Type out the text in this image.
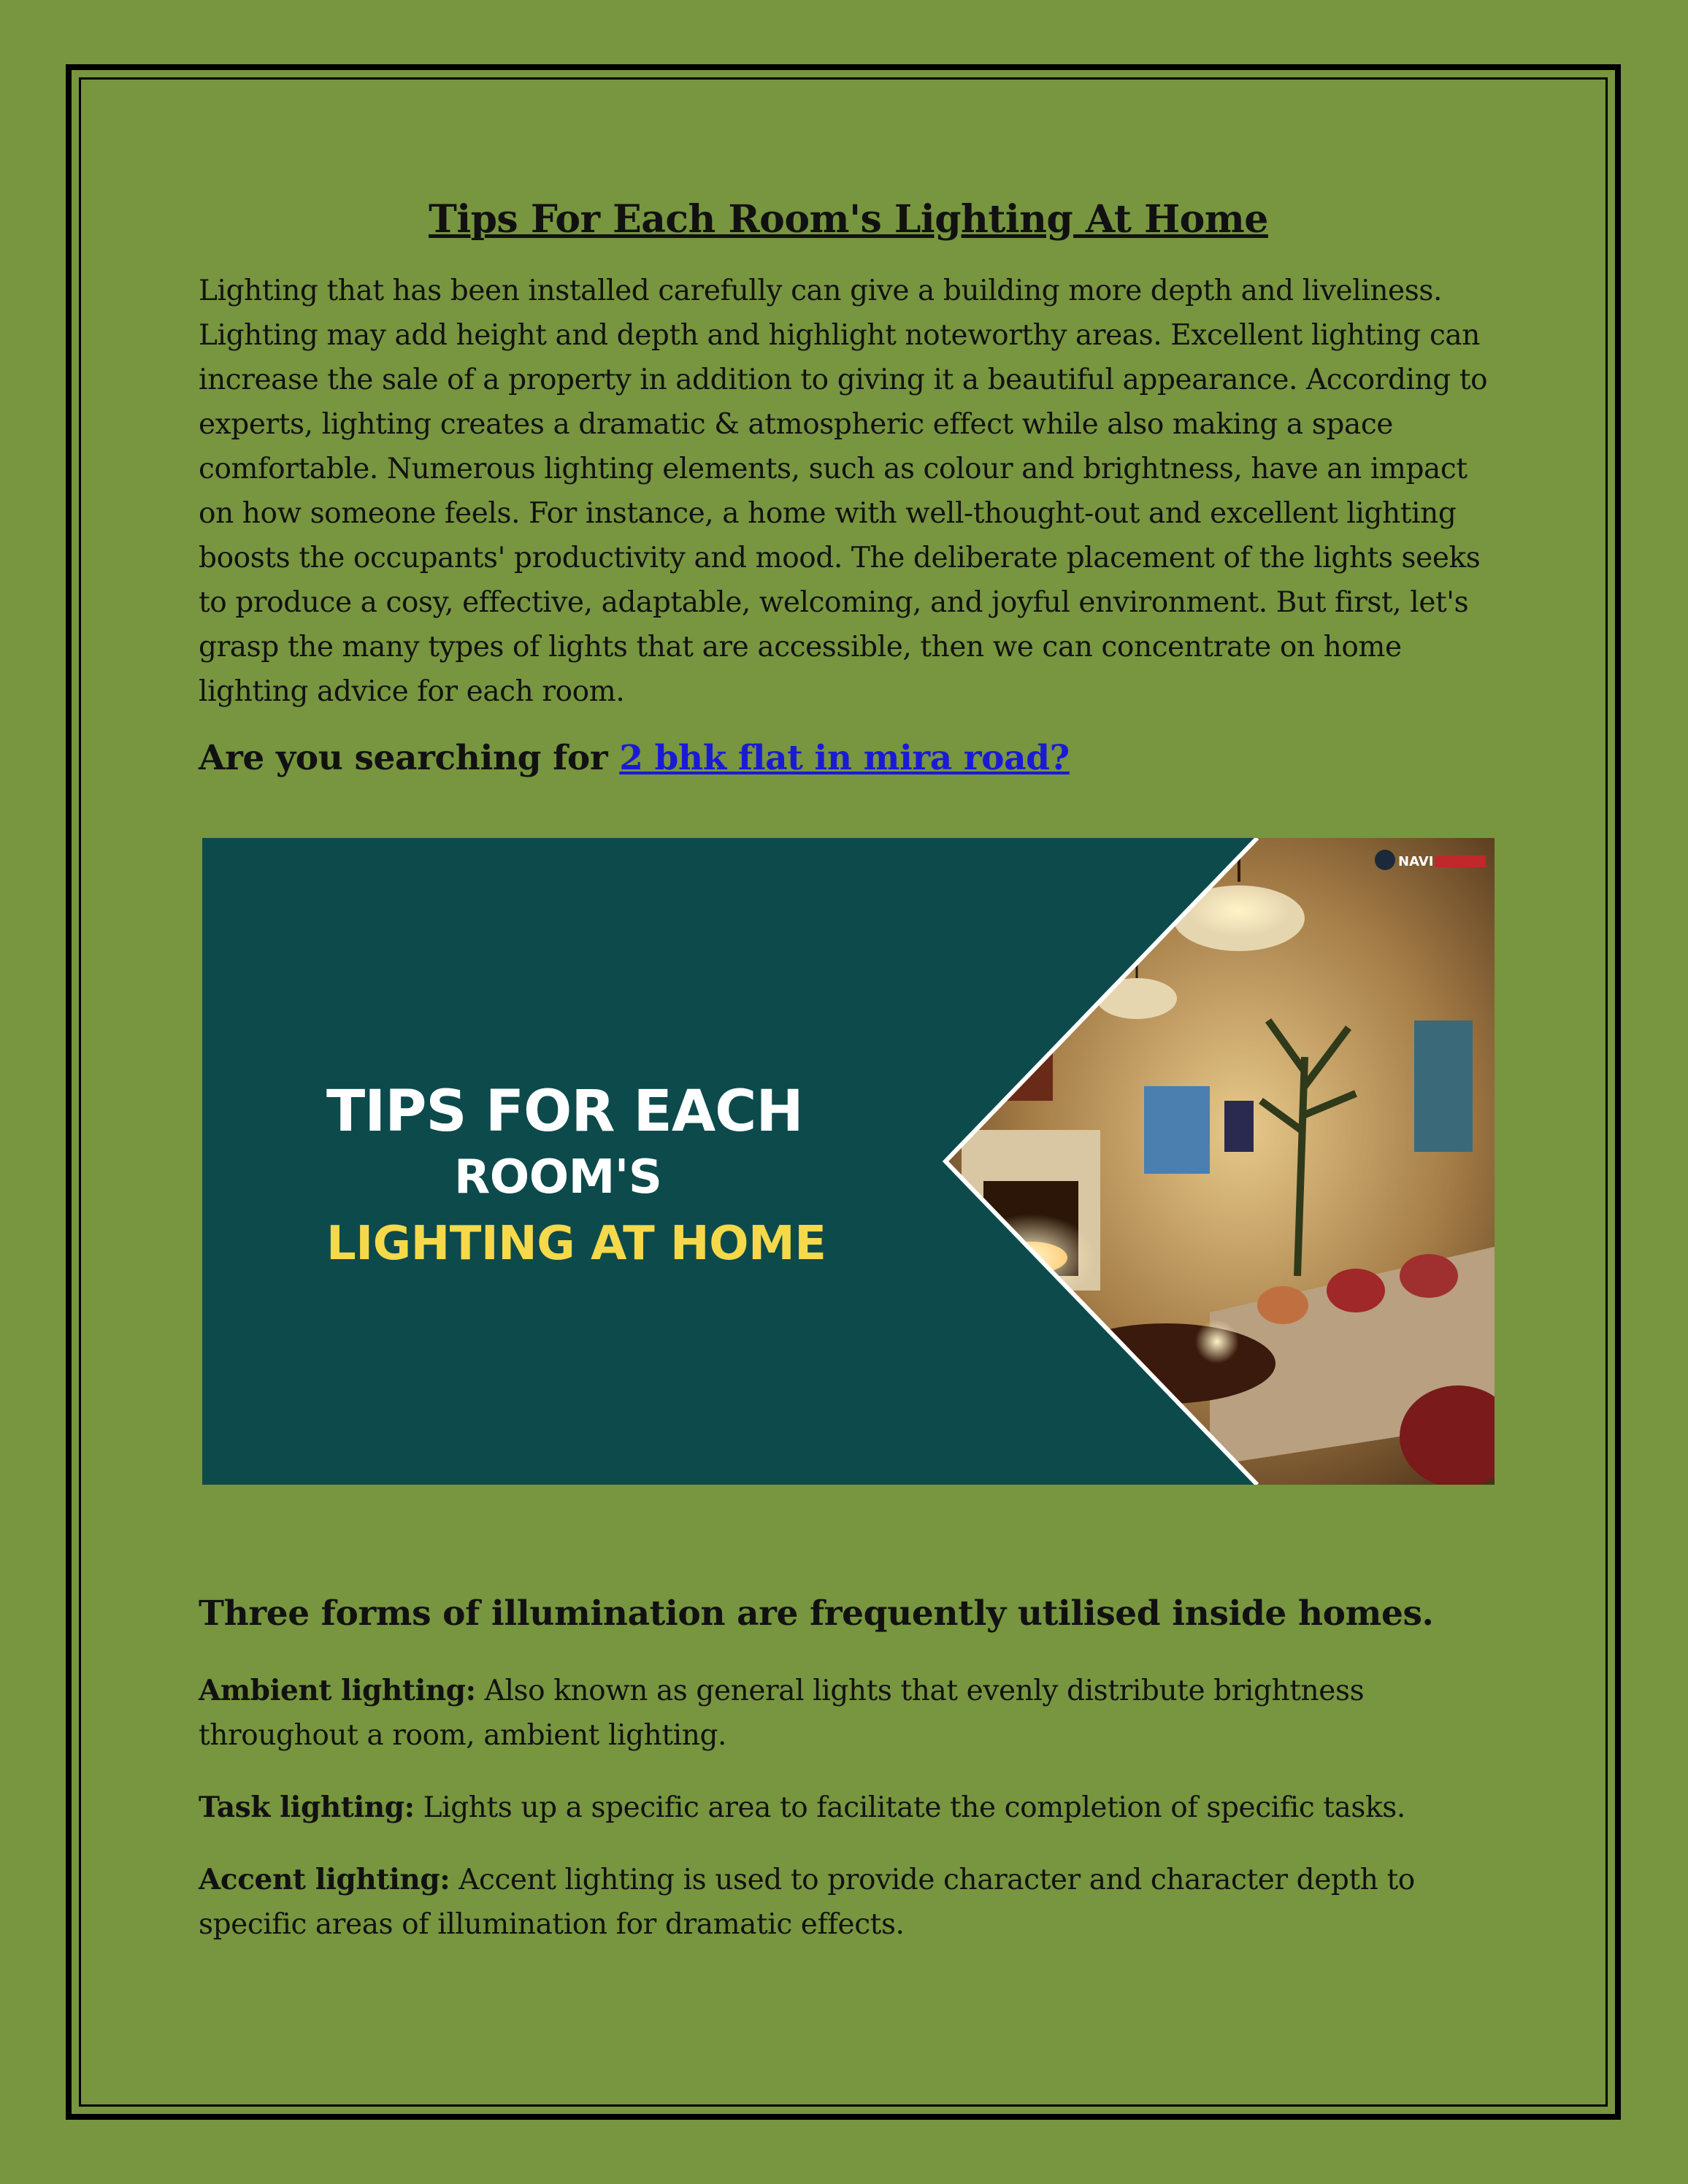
Tips For Each Room's Lighting At Home

Lighting that has been installed carefully can give a building more depth and liveliness. Lighting may add height and depth and highlight noteworthy areas. Excellent lighting can increase the sale of a property in addition to giving it a beautiful appearance. According to experts, lighting creates a dramatic & atmospheric effect while also making a space comfortable. Numerous lighting elements, such as colour and brightness, have an impact on how someone feels. For instance, a home with well-thought-out and excellent lighting boosts the occupants' productivity and mood. The deliberate placement of the lights seeks to produce a cosy, effective, adaptable, welcoming, and joyful environment. But first, let's grasp the many types of lights that are accessible, then we can concentrate on home lighting advice for each room.

Are you searching for 2 bhk flat in mira road?

NAVI
TIPS FOR EACH
ROOM'S
LIGHTING AT HOME
Three forms of illumination are frequently utilised inside homes.

Ambient lighting: Also known as general lights that evenly distribute brightness throughout a room, ambient lighting.

Task lighting: Lights up a specific area to facilitate the completion of specific tasks.

Accent lighting: Accent lighting is used to provide character and character depth to specific areas of illumination for dramatic effects.
